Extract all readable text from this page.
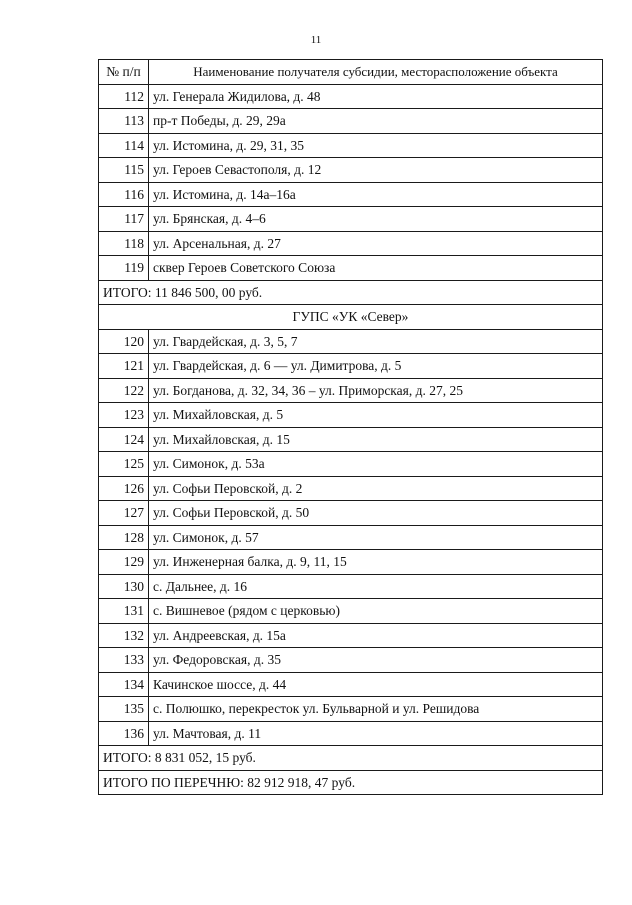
11
№ п/п	Наименование получателя субсидии, месторасположение объекта
112	ул. Генерала Жидилова, д. 48
113	пр-т Победы, д. 29, 29а
114	ул. Истомина, д. 29, 31, 35
115	ул. Героев Севастополя, д. 12
116	ул. Истомина, д. 14а–16а
117	ул. Брянская, д. 4–6
118	ул. Арсенальная, д. 27
119	сквер Героев Советского Союза
ИТОГО: 11 846 500, 00 руб.	
ГУПС «УК «Север»	
120	ул. Гвардейская, д. 3, 5, 7
121	ул. Гвардейская, д. 6 — ул. Димитрова, д. 5
122	ул. Богданова, д. 32, 34, 36 – ул. Приморская, д. 27, 25
123	ул. Михайловская, д. 5
124	ул. Михайловская, д. 15
125	ул. Симонок, д. 53а
126	ул. Софьи Перовской, д. 2
127	ул. Софьи Перовской, д. 50
128	ул. Симонок, д. 57
129	ул. Инженерная балка, д. 9, 11, 15
130	с. Дальнее, д. 16
131	с. Вишневое (рядом с церковью)
132	ул. Андреевская, д. 15а
133	ул. Федоровская, д. 35
134	Качинское шоссе, д. 44
135	с. Полюшко, перекресток ул. Бульварной и ул. Решидова
136	ул. Мачтовая, д. 11
ИТОГО: 8 831 052, 15 руб.	
ИТОГО ПО ПЕРЕЧНЮ: 82 912 918, 47 руб.	
